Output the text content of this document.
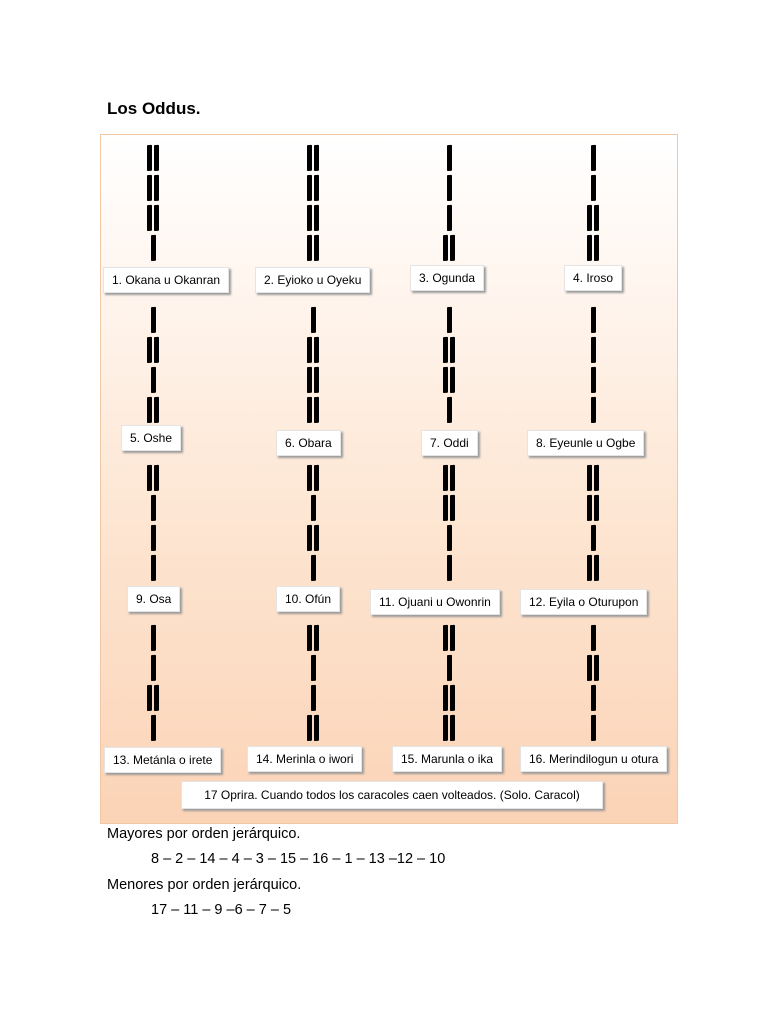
Los Oddus.
1. Okana u Okanran	2. Eyioko u Oyeku	3. Ogunda	4. Iroso
5. Oshe	6. Obara	7. Oddi	8. Eyeunle u Ogbe
9. Osa	10. Ofún	11. Ojuani u Owonrin	12. Eyila o Oturupon
13. Metánla o irete	14. Merinla o iwori	15. Marunla o ika	16. Merindilogun u otura
17 Oprira. Cuando todos los caracoles caen volteados. (Solo. Caracol)
Mayores por orden jerárquico.
8 – 2 – 14 – 4 – 3 – 15 – 16 – 1 – 13 –12 – 10
Menores por orden jerárquico.
17 – 11 – 9 –6 – 7 – 5
